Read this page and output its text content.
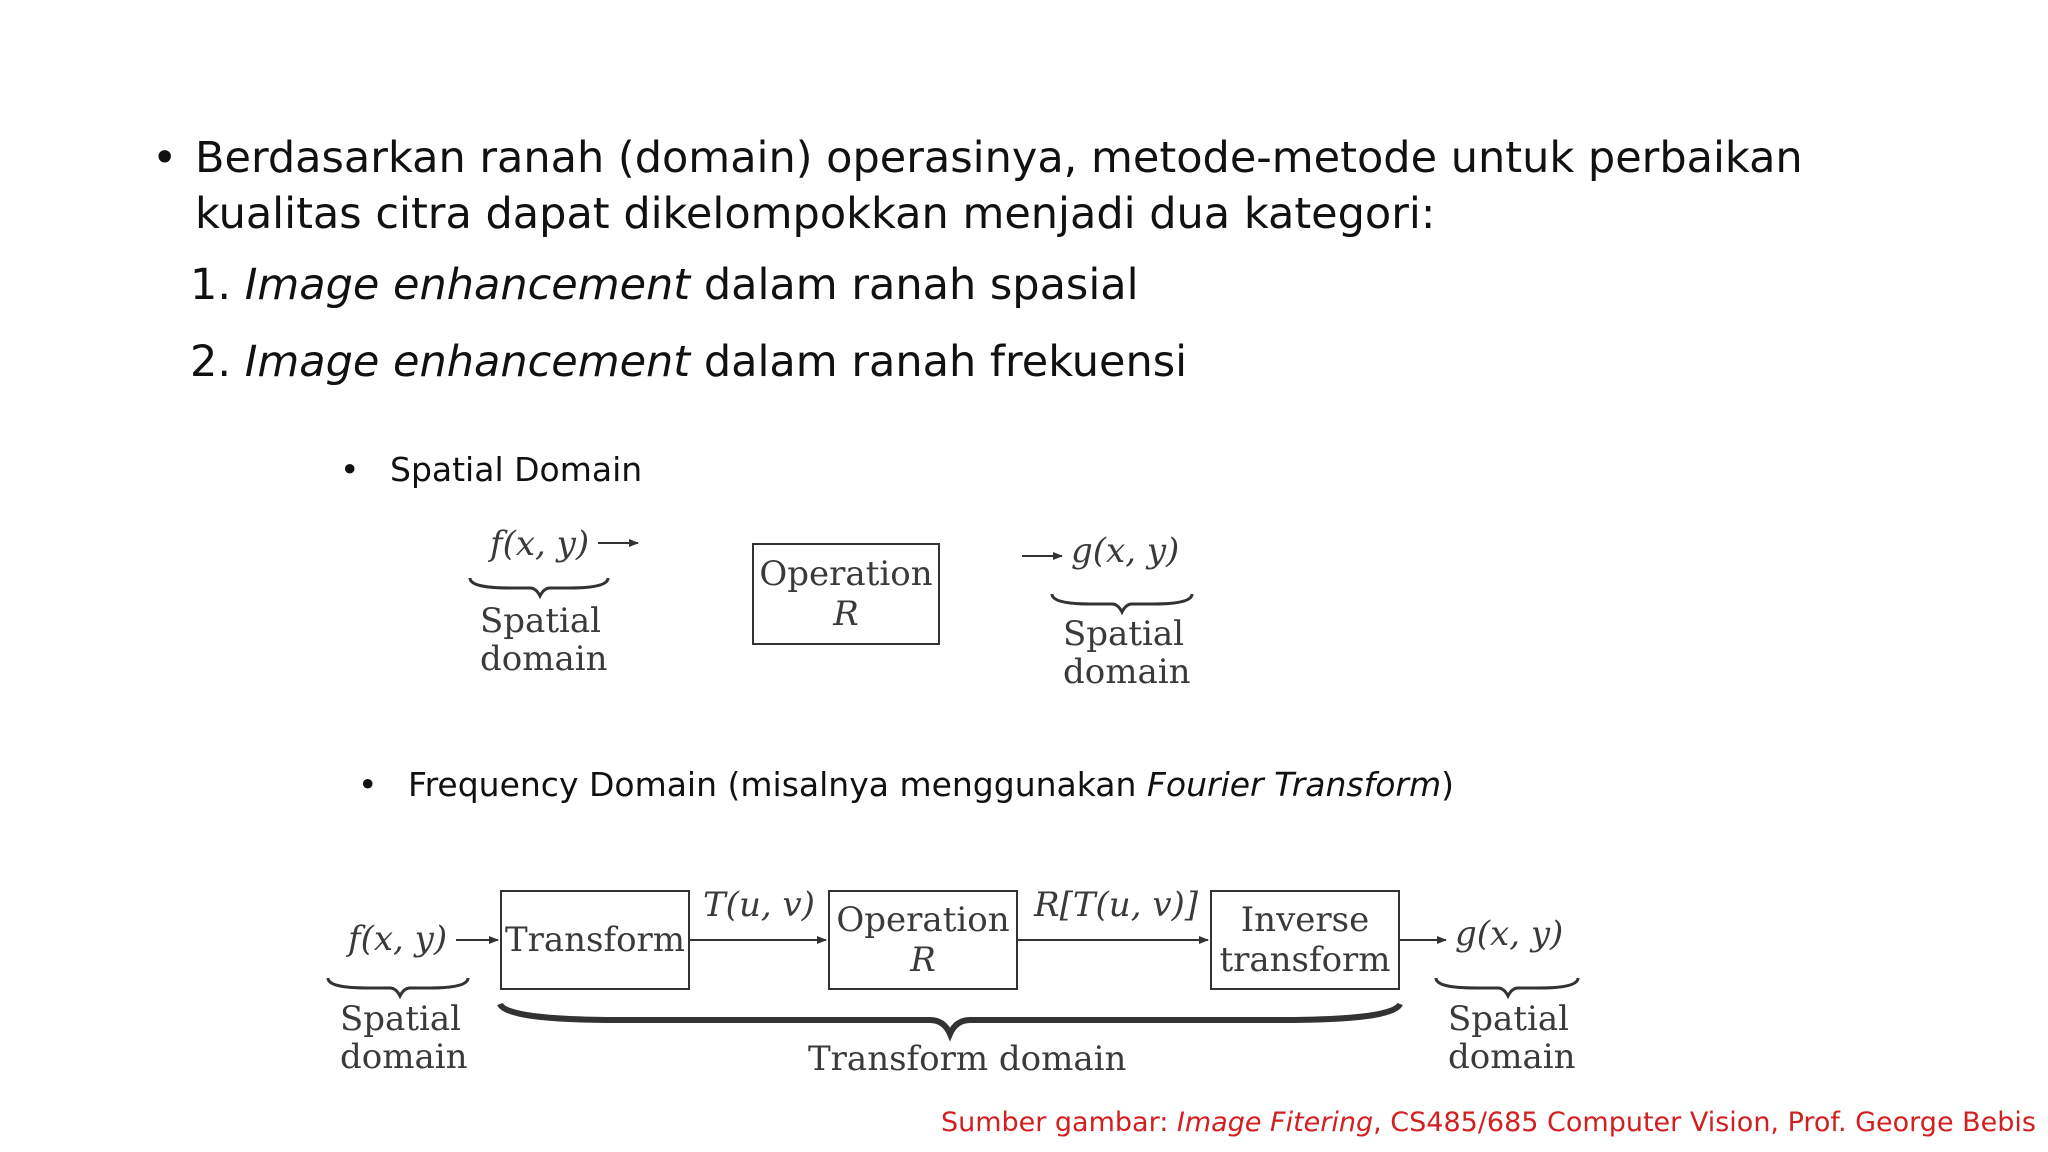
• Berdasarkan ranah (domain) operasinya, metode-metode untuk perbaikan
kualitas citra dapat dikelompokkan menjadi dua kategori:
1. Image enhancement dalam ranah spasial
2. Image enhancement dalam ranah frekuensi
• Spatial Domain
f(x, y)
Spatial
domain
Operation
R
g(x, y)
Spatial
domain
• Frequency Domain (misalnya menggunakan Fourier Transform)
f(x, y)
Spatial
domain
Transform
T(u, v) Operation
R
R[T(u, v)] Inverse
transform
g(x, y)
Spatial
domain
Transform domain
Sumber gambar: Image Fitering, CS485/685 Computer Vision, Prof. George Bebis
